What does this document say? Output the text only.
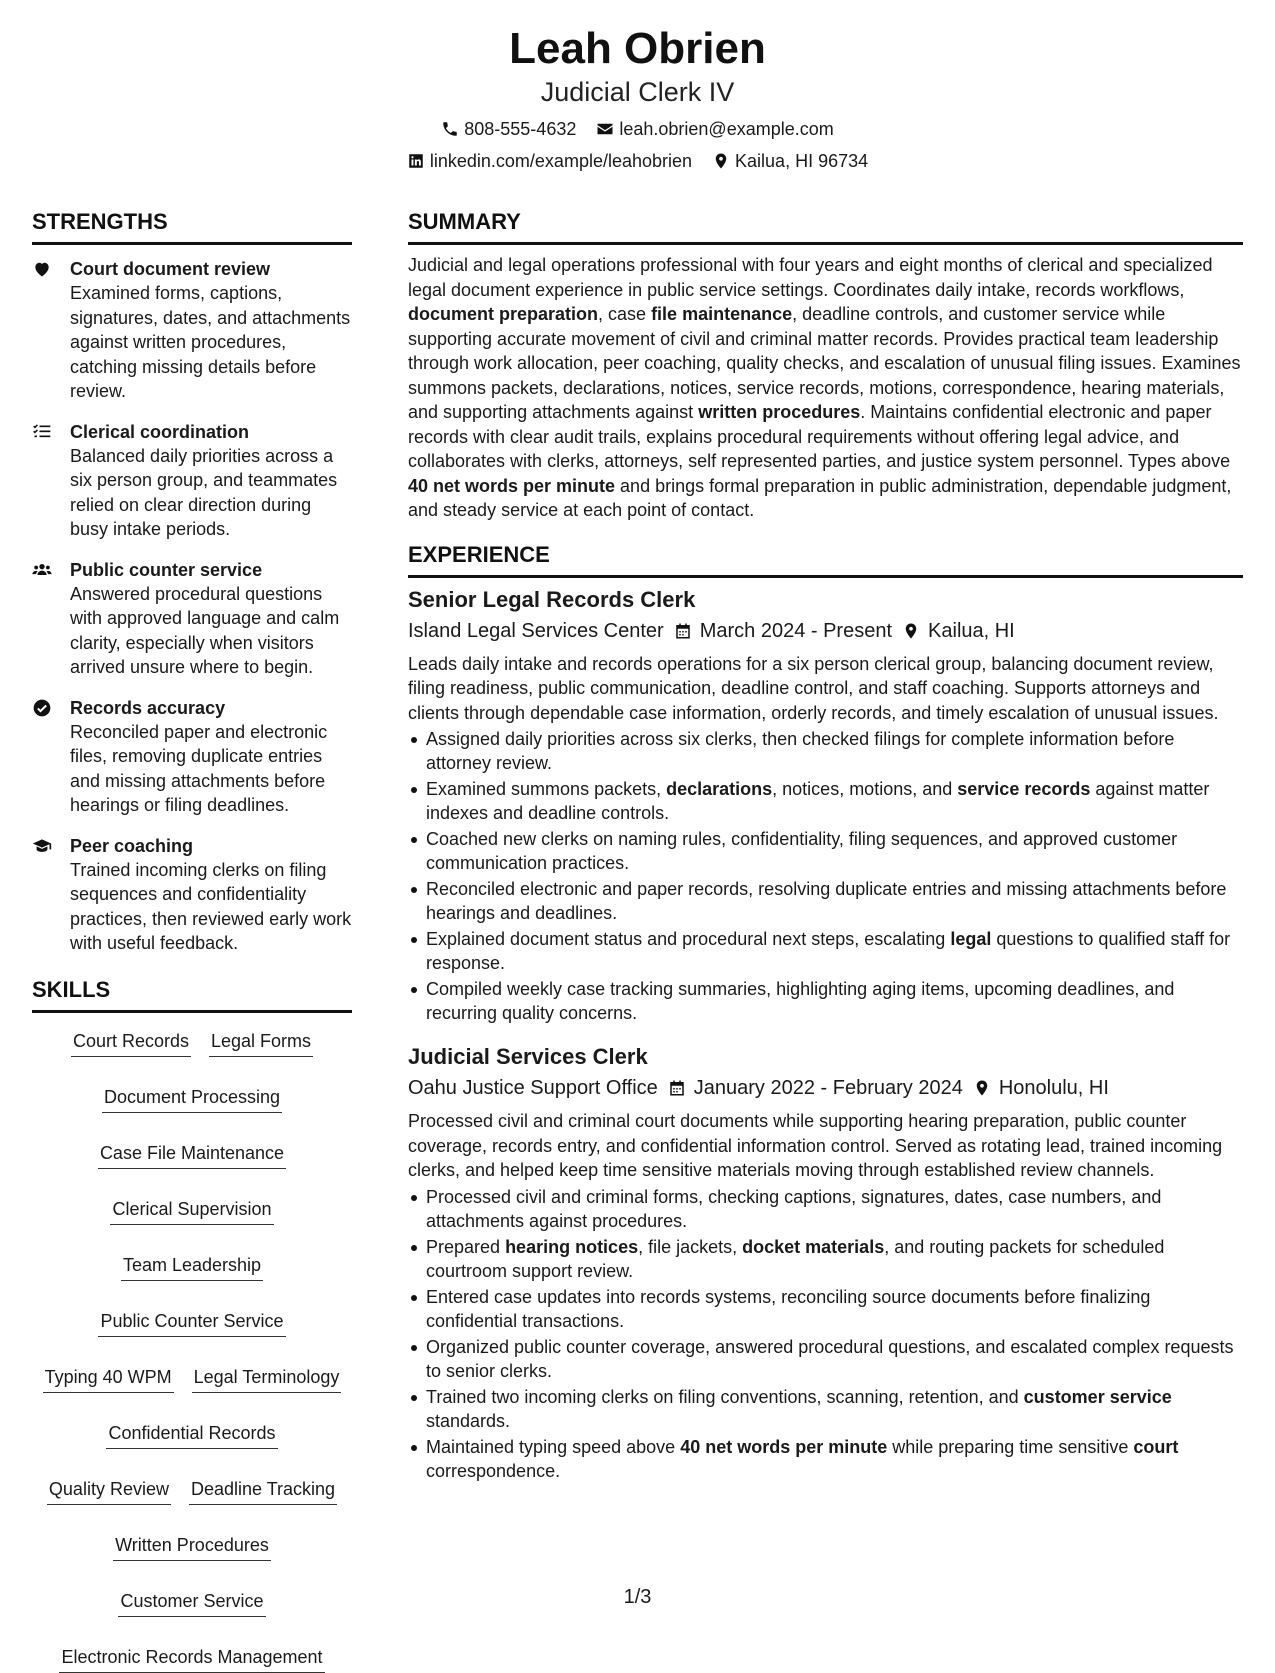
Leah Obrien
Judicial Clerk IV
808-555-4632 leah.obrien@example.com
linkedin.com/example/leahobrien Kailua, HI 96734
STRENGTHS
Court document review
Examined forms, captions, signatures, dates, and attachments against written procedures, catching missing details before review.
Clerical coordination
Balanced daily priorities across a six person group, and teammates relied on clear direction during busy intake periods.
Public counter service
Answered procedural questions with approved language and calm clarity, especially when visitors arrived unsure where to begin.
Records accuracy
Reconciled paper and electronic files, removing duplicate entries and missing attachments before hearings or filing deadlines.
Peer coaching
Trained incoming clerks on filing sequences and confidentiality practices, then reviewed early work with useful feedback.
SKILLS
Court Records Legal Forms
Document Processing
Case File Maintenance
Clerical Supervision
Team Leadership
Public Counter Service
Typing 40 WPM Legal Terminology
Confidential Records
Quality Review Deadline Tracking
Written Procedures
Customer Service
Electronic Records Management
SUMMARY

Judicial and legal operations professional with four years and eight months of clerical and specialized legal document experience in public service settings. Coordinates daily intake, records workflows, document preparation, case file maintenance, deadline controls, and customer service while supporting accurate movement of civil and criminal matter records. Provides practical team leadership through work allocation, peer coaching, quality checks, and escalation of unusual filing issues. Examines summons packets, declarations, notices, service records, motions, correspondence, hearing materials, and supporting attachments against written procedures. Maintains confidential electronic and paper records with clear audit trails, explains procedural requirements without offering legal advice, and collaborates with clerks, attorneys, self represented parties, and justice system personnel. Types above 40 net words per minute and brings formal preparation in public administration, dependable judgment, and steady service at each point of contact.

EXPERIENCE
Senior Legal Records Clerk
Island Legal Services Center March 2024 - Present Kailua, HI

Leads daily intake and records operations for a six person clerical group, balancing document review, filing readiness, public communication, deadline control, and staff coaching. Supports attorneys and clients through dependable case information, orderly records, and timely escalation of unusual issues.

Assigned daily priorities across six clerks, then checked filings for complete information before attorney review.
Examined summons packets, declarations, notices, motions, and service records against matter indexes and deadline controls.
Coached new clerks on naming rules, confidentiality, filing sequences, and approved customer communication practices.
Reconciled electronic and paper records, resolving duplicate entries and missing attachments before hearings and deadlines.
Explained document status and procedural next steps, escalating legal questions to qualified staff for response.
Compiled weekly case tracking summaries, highlighting aging items, upcoming deadlines, and recurring quality concerns.
Judicial Services Clerk
Oahu Justice Support Office January 2022 - February 2024 Honolulu, HI

Processed civil and criminal court documents while supporting hearing preparation, public counter coverage, records entry, and confidential information control. Served as rotating lead, trained incoming clerks, and helped keep time sensitive materials moving through established review channels.

Processed civil and criminal forms, checking captions, signatures, dates, case numbers, and attachments against procedures.
Prepared hearing notices, file jackets, docket materials, and routing packets for scheduled courtroom support review.
Entered case updates into records systems, reconciling source documents before finalizing confidential transactions.
Organized public counter coverage, answered procedural questions, and escalated complex requests to senior clerks.
Trained two incoming clerks on filing conventions, scanning, retention, and customer service standards.
Maintained typing speed above 40 net words per minute while preparing time sensitive court correspondence.
1/3
